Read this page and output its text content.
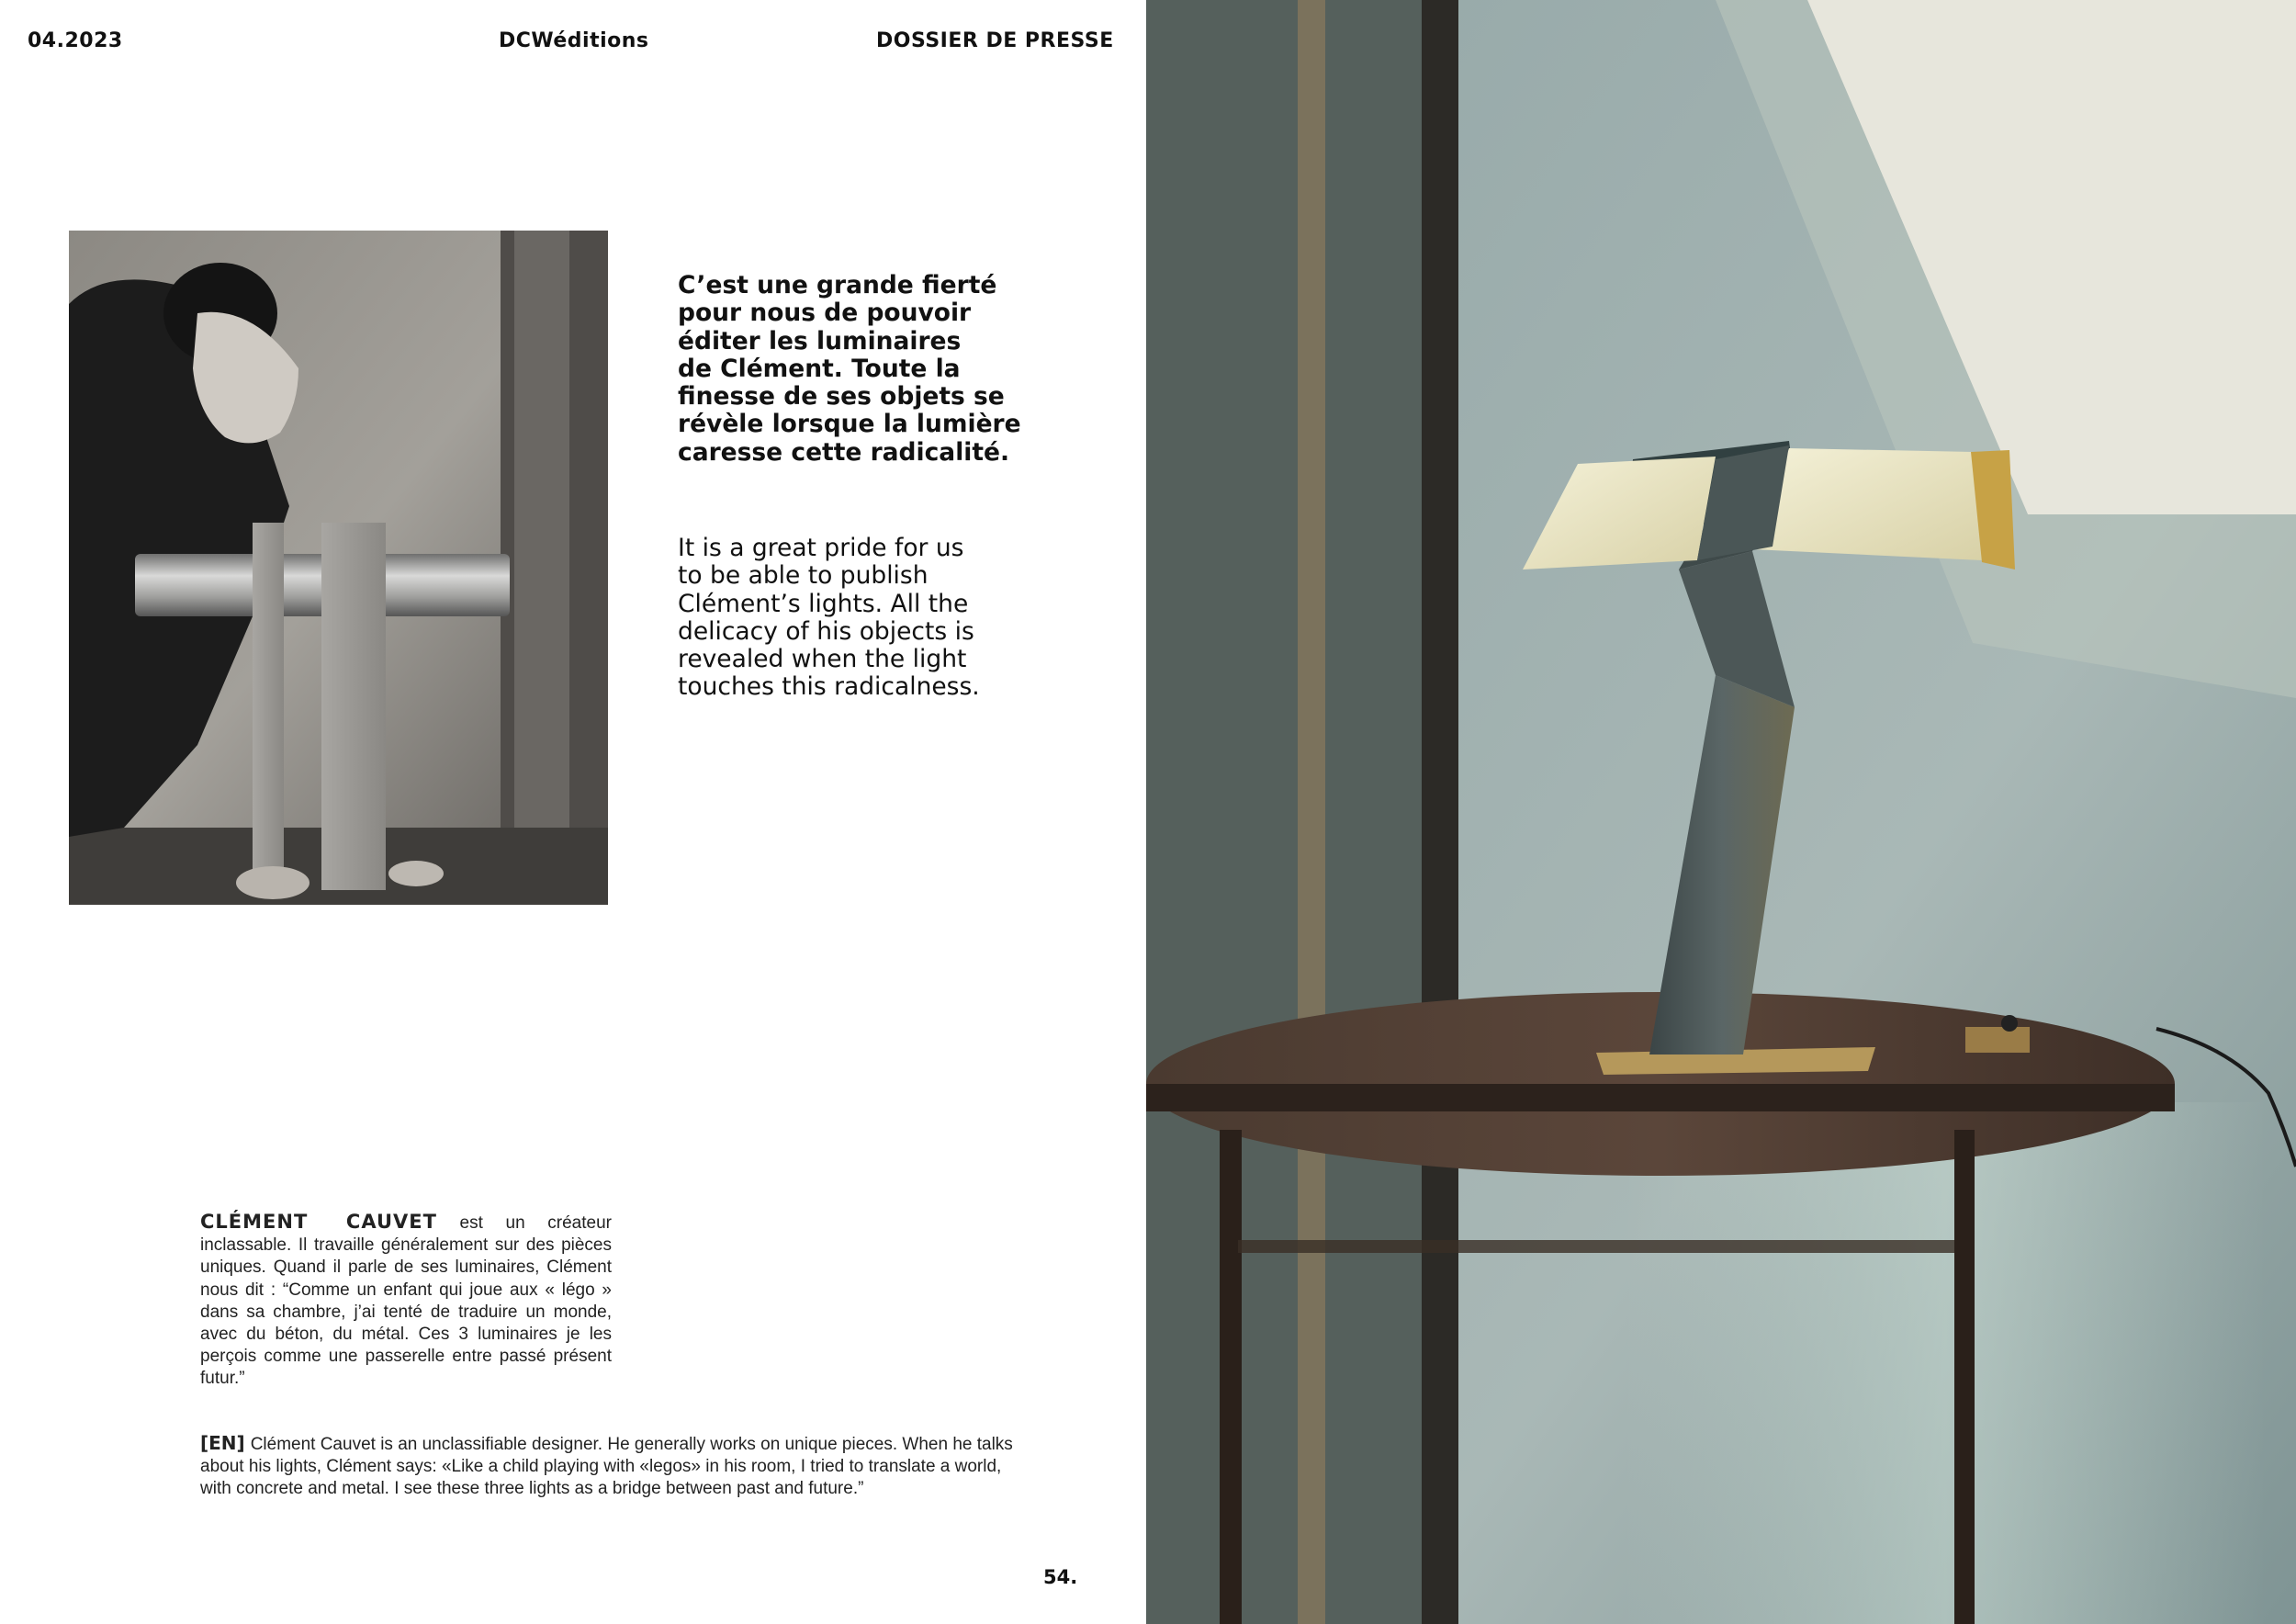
04.2023	DCWéditions	DOSSIER DE PRESSE
C’est une grande fierté
pour nous de pouvoir
éditer les luminaires
de Clément. Toute la
finesse de ses objets se
révèle lorsque la lumière
caresse cette radicalité.
It is a great pride for us
to be able to publish
Clément’s lights. All the
delicacy of his objects is
revealed when the light
touches this radicalness.
CLÉMENT CAUVET est un créateur inclassable. Il travaille généralement sur des pièces uniques. Quand il parle de ses luminaires, Clément nous dit : “Comme un enfant qui joue aux « légo » dans sa chambre, j’ai tenté de traduire un monde, avec du béton, du métal. Ces 3 luminaires je les perçois comme une passerelle entre passé présent futur.”
[EN] Clément Cauvet is an unclassifiable designer. He generally works on unique pieces. When he talks about his lights, Clément says: «Like a child playing with «legos» in his room, I tried to translate a world, with concrete and metal. I see these three lights as a bridge between past and future.”
54.
